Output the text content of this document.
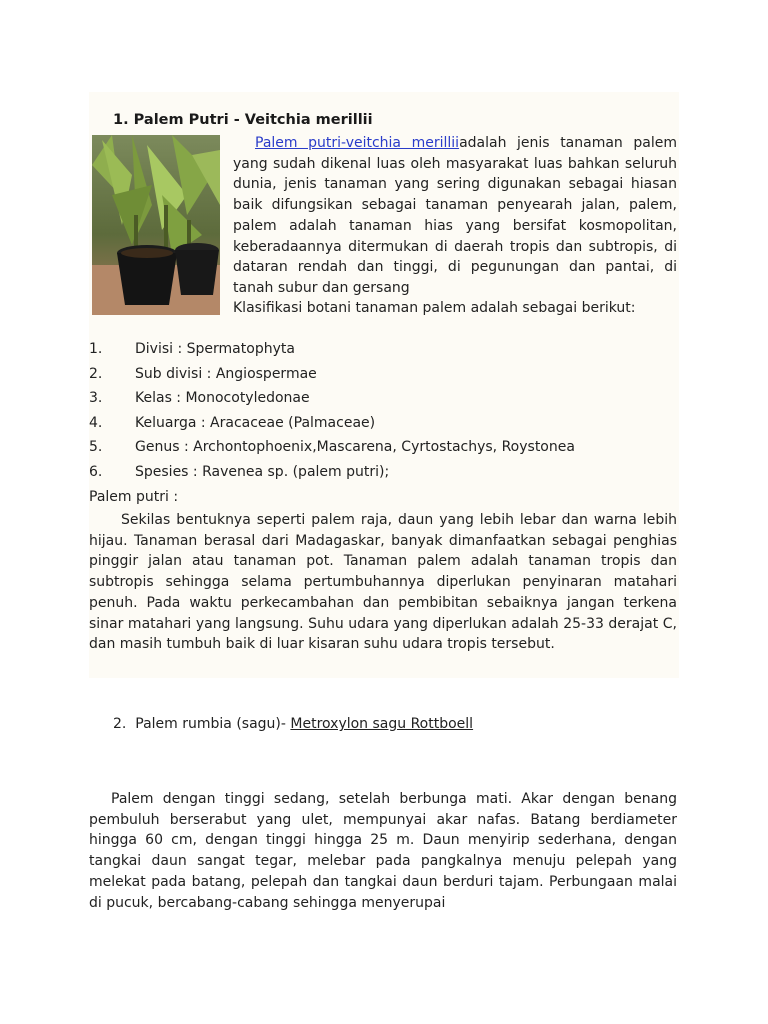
1. Palem Putri - Veitchia merillii

Palem putri-veitchia merilliiadalah jenis tanaman palem yang sudah dikenal luas oleh masyarakat luas bahkan seluruh dunia, jenis tanaman yang sering digunakan sebagai hiasan baik difungsikan sebagai tanaman penyearah jalan, palem, palem adalah tanaman hias yang bersifat kosmopolitan, keberadaannya ditermukan di daerah tropis dan subtropis, di dataran rendah dan tinggi, di pegunungan dan pantai, di tanah subur dan gersang

Klasifikasi botani tanaman palem adalah sebagai berikut:
1. Divisi : Spermatophyta
2. Sub divisi : Angiospermae
3. Kelas : Monocotyledonae
4. Keluarga : Aracaceae (Palmaceae)
5. Genus : Archontophoenix,Mascarena, Cyrtostachys, Roystonea
6. Spesies : Ravenea sp. (palem putri);
Palem putri :

Sekilas bentuknya seperti palem raja, daun yang lebih lebar dan warna lebih hijau. Tanaman berasal dari Madagaskar, banyak dimanfaatkan sebagai penghias pinggir jalan atau tanaman pot. Tanaman palem adalah tanaman tropis dan subtropis sehingga selama pertumbuhannya diperlukan penyinaran matahari penuh. Pada waktu perkecambahan dan pembibitan sebaiknya jangan terkena sinar matahari yang langsung. Suhu udara yang diperlukan adalah 25-33 derajat C, dan masih tumbuh baik di luar kisaran suhu udara tropis tersebut.

2. Palem rumbia (sagu)- Metroxylon sagu Rottboell

Palem dengan tinggi sedang, setelah berbunga mati. Akar dengan benang pembuluh berserabut yang ulet, mempunyai akar nafas. Batang berdiameter hingga 60 cm, dengan tinggi hingga 25 m. Daun menyirip sederhana, dengan tangkai daun sangat tegar, melebar pada pangkalnya menuju pelepah yang melekat pada batang, pelepah dan tangkai daun berduri tajam. Perbungaan malai di pucuk, bercabang-cabang sehingga menyerupai
